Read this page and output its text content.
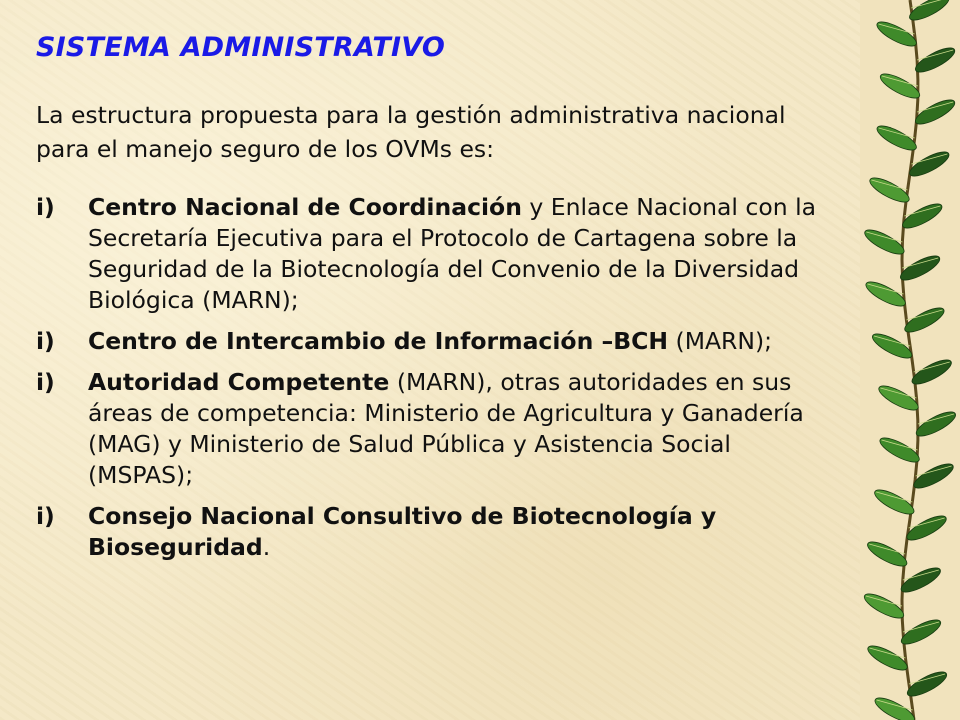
SISTEMA ADMINISTRATIVO

La estructura propuesta para la gestión administrativa nacional para el manejo seguro de los OVMs es:

i)	Centro Nacional de Coordinación y Enlace Nacional con la Secretaría Ejecutiva para el Protocolo de Cartagena sobre la Seguridad de la Biotecnología del Convenio de la Diversidad Biológica (MARN);
i)	Centro de Intercambio de Información –BCH (MARN);
i)	Autoridad Competente (MARN), otras autoridades en sus áreas de competencia: Ministerio de Agricultura y Ganadería (MAG) y Ministerio de Salud Pública y Asistencia Social (MSPAS);
i)	Consejo Nacional Consultivo de Biotecnología y Bioseguridad.
